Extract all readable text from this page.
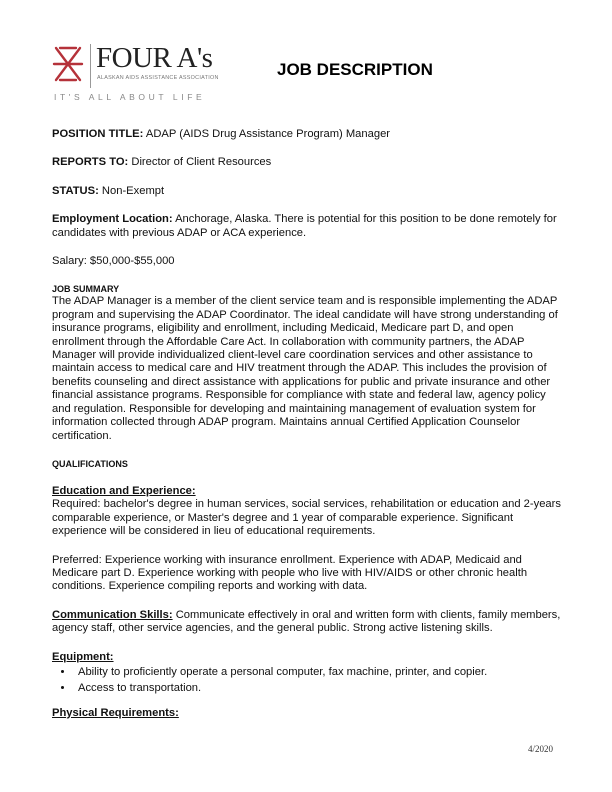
FOUR A's
ALASKAN AIDS ASSISTANCE ASSOCIATION
IT'S ALL ABOUT LIFE
JOB DESCRIPTION

POSITION TITLE: ADAP (AIDS Drug Assistance Program) Manager

REPORTS TO: Director of Client Resources

STATUS: Non-Exempt

Employment Location: Anchorage, Alaska. There is potential for this position to be done remotely for candidates with previous ADAP or ACA experience.

Salary: $50,000-$55,000

JOB SUMMARY

The ADAP Manager is a member of the client service team and is responsible implementing the ADAP program and supervising the ADAP Coordinator. The ideal candidate will have strong understanding of insurance programs, eligibility and enrollment, including Medicaid, Medicare part D, and open enrollment through the Affordable Care Act. In collaboration with community partners, the ADAP Manager will provide individualized client-level care coordination services and other assistance to maintain access to medical care and HIV treatment through the ADAP. This includes the provision of benefits counseling and direct assistance with applications for public and private insurance and other financial assistance programs. Responsible for compliance with state and federal law, agency policy and regulation. Responsible for developing and maintaining management of evaluation system for information collected through ADAP program. Maintains annual Certified Application Counselor certification.

QUALIFICATIONS

Education and Experience:

Required: bachelor's degree in human services, social services, rehabilitation or education and 2-years comparable experience, or Master's degree and 1 year of comparable experience. Significant experience will be considered in lieu of educational requirements.

Preferred: Experience working with insurance enrollment. Experience with ADAP, Medicaid and Medicare part D. Experience working with people who live with HIV/AIDS or other chronic health conditions. Experience compiling reports and working with data.

Communication Skills: Communicate effectively in oral and written form with clients, family members, agency staff, other service agencies, and the general public. Strong active listening skills.

Equipment:

• Ability to proficiently operate a personal computer, fax machine, printer, and copier.
• Access to transportation.

Physical Requirements:

4/2020
